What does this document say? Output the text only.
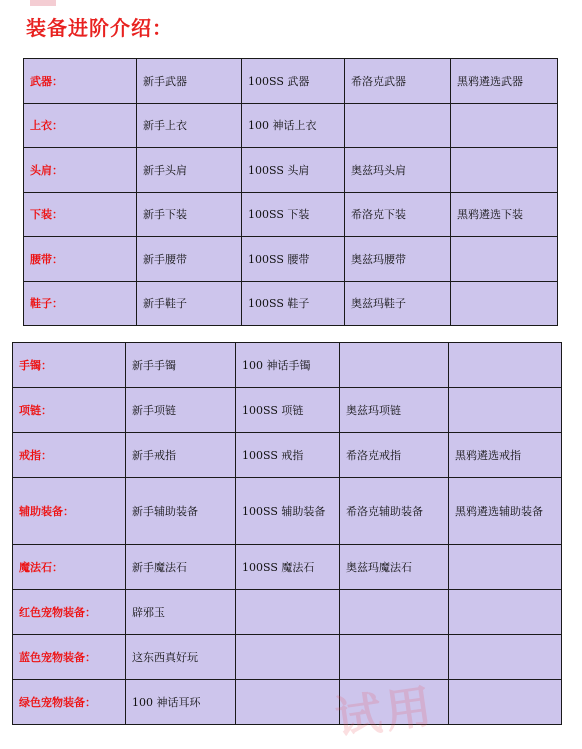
装备进阶介绍：
武器：	新手武器	100SS 武器	希洛克武器	黑鸦遴选武器
上衣：	新手上衣	100 神话上衣		
头肩：	新手头肩	100SS 头肩	奥兹玛头肩	
下装：	新手下装	100SS 下装	希洛克下装	黑鸦遴选下装
腰带：	新手腰带	100SS 腰带	奥兹玛腰带	
鞋子：	新手鞋子	100SS 鞋子	奥兹玛鞋子	
手镯：	新手手镯	100 神话手镯		
项链：	新手项链	100SS 项链	奥兹玛项链	
戒指：	新手戒指	100SS 戒指	希洛克戒指	黑鸦遴选戒指
辅助装备：	新手辅助装备	100SS 辅助装备	希洛克辅助装备	黑鸦遴选辅助装备
魔法石：	新手魔法石	100SS 魔法石	奥兹玛魔法石	
红色宠物装备：	辟邪玉			
蓝色宠物装备：	这东西真好玩			
绿色宠物装备：	100 神话耳环			
